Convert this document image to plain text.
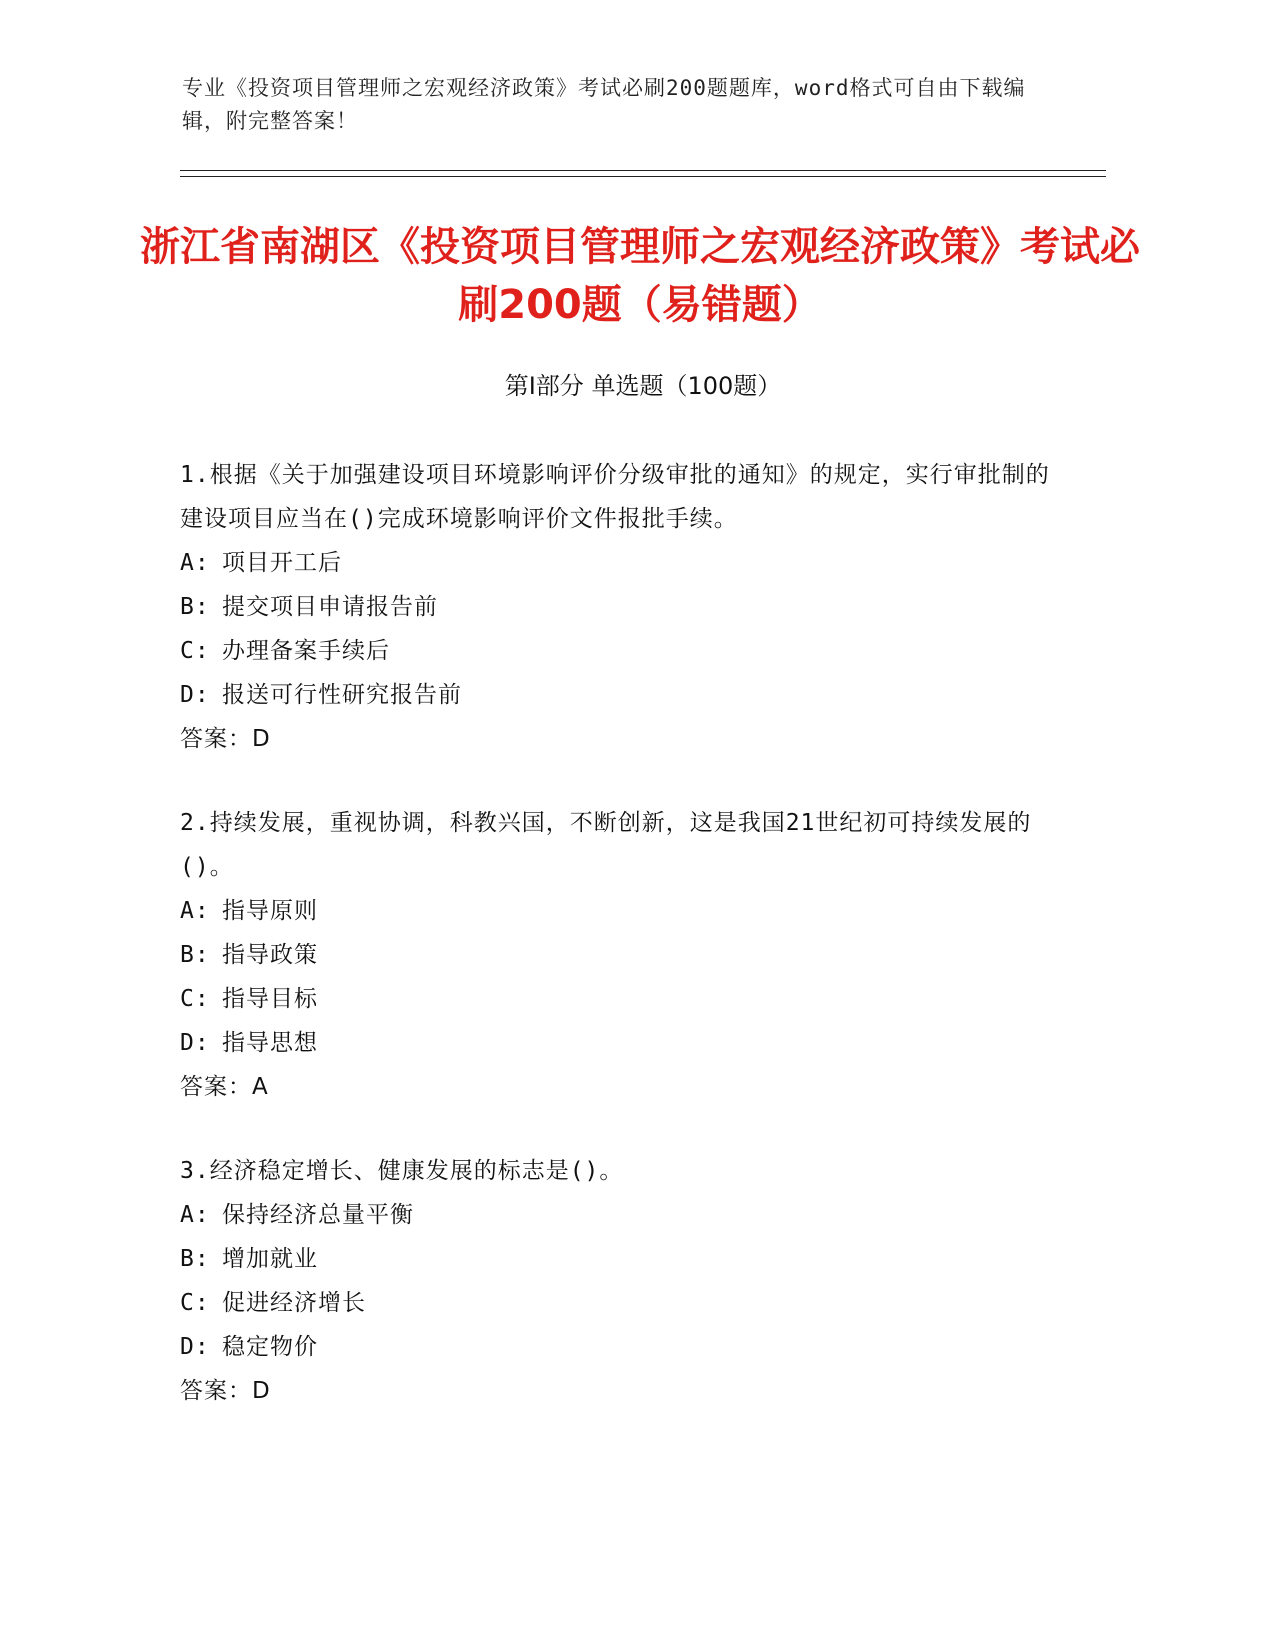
专业《投资项目管理师之宏观经济政策》考试必刷200题题库，word格式可自由下载编辑，附完整答案！
浙江省南湖区《投资项目管理师之宏观经济政策》考试必刷200题（易错题）
第I部分 单选题（100题）
1.根据《关于加强建设项目环境影响评价分级审批的通知》的规定，实行审批制的建设项目应当在()完成环境影响评价文件报批手续。
A: 项目开工后
B: 提交项目申请报告前
C: 办理备案手续后
D: 报送可行性研究报告前
答案：D
2.持续发展，重视协调，科教兴国，不断创新，这是我国21世纪初可持续发展的()。
A: 指导原则
B: 指导政策
C: 指导目标
D: 指导思想
答案：A
3.经济稳定增长、健康发展的标志是()。
A: 保持经济总量平衡
B: 增加就业
C: 促进经济增长
D: 稳定物价
答案：D
